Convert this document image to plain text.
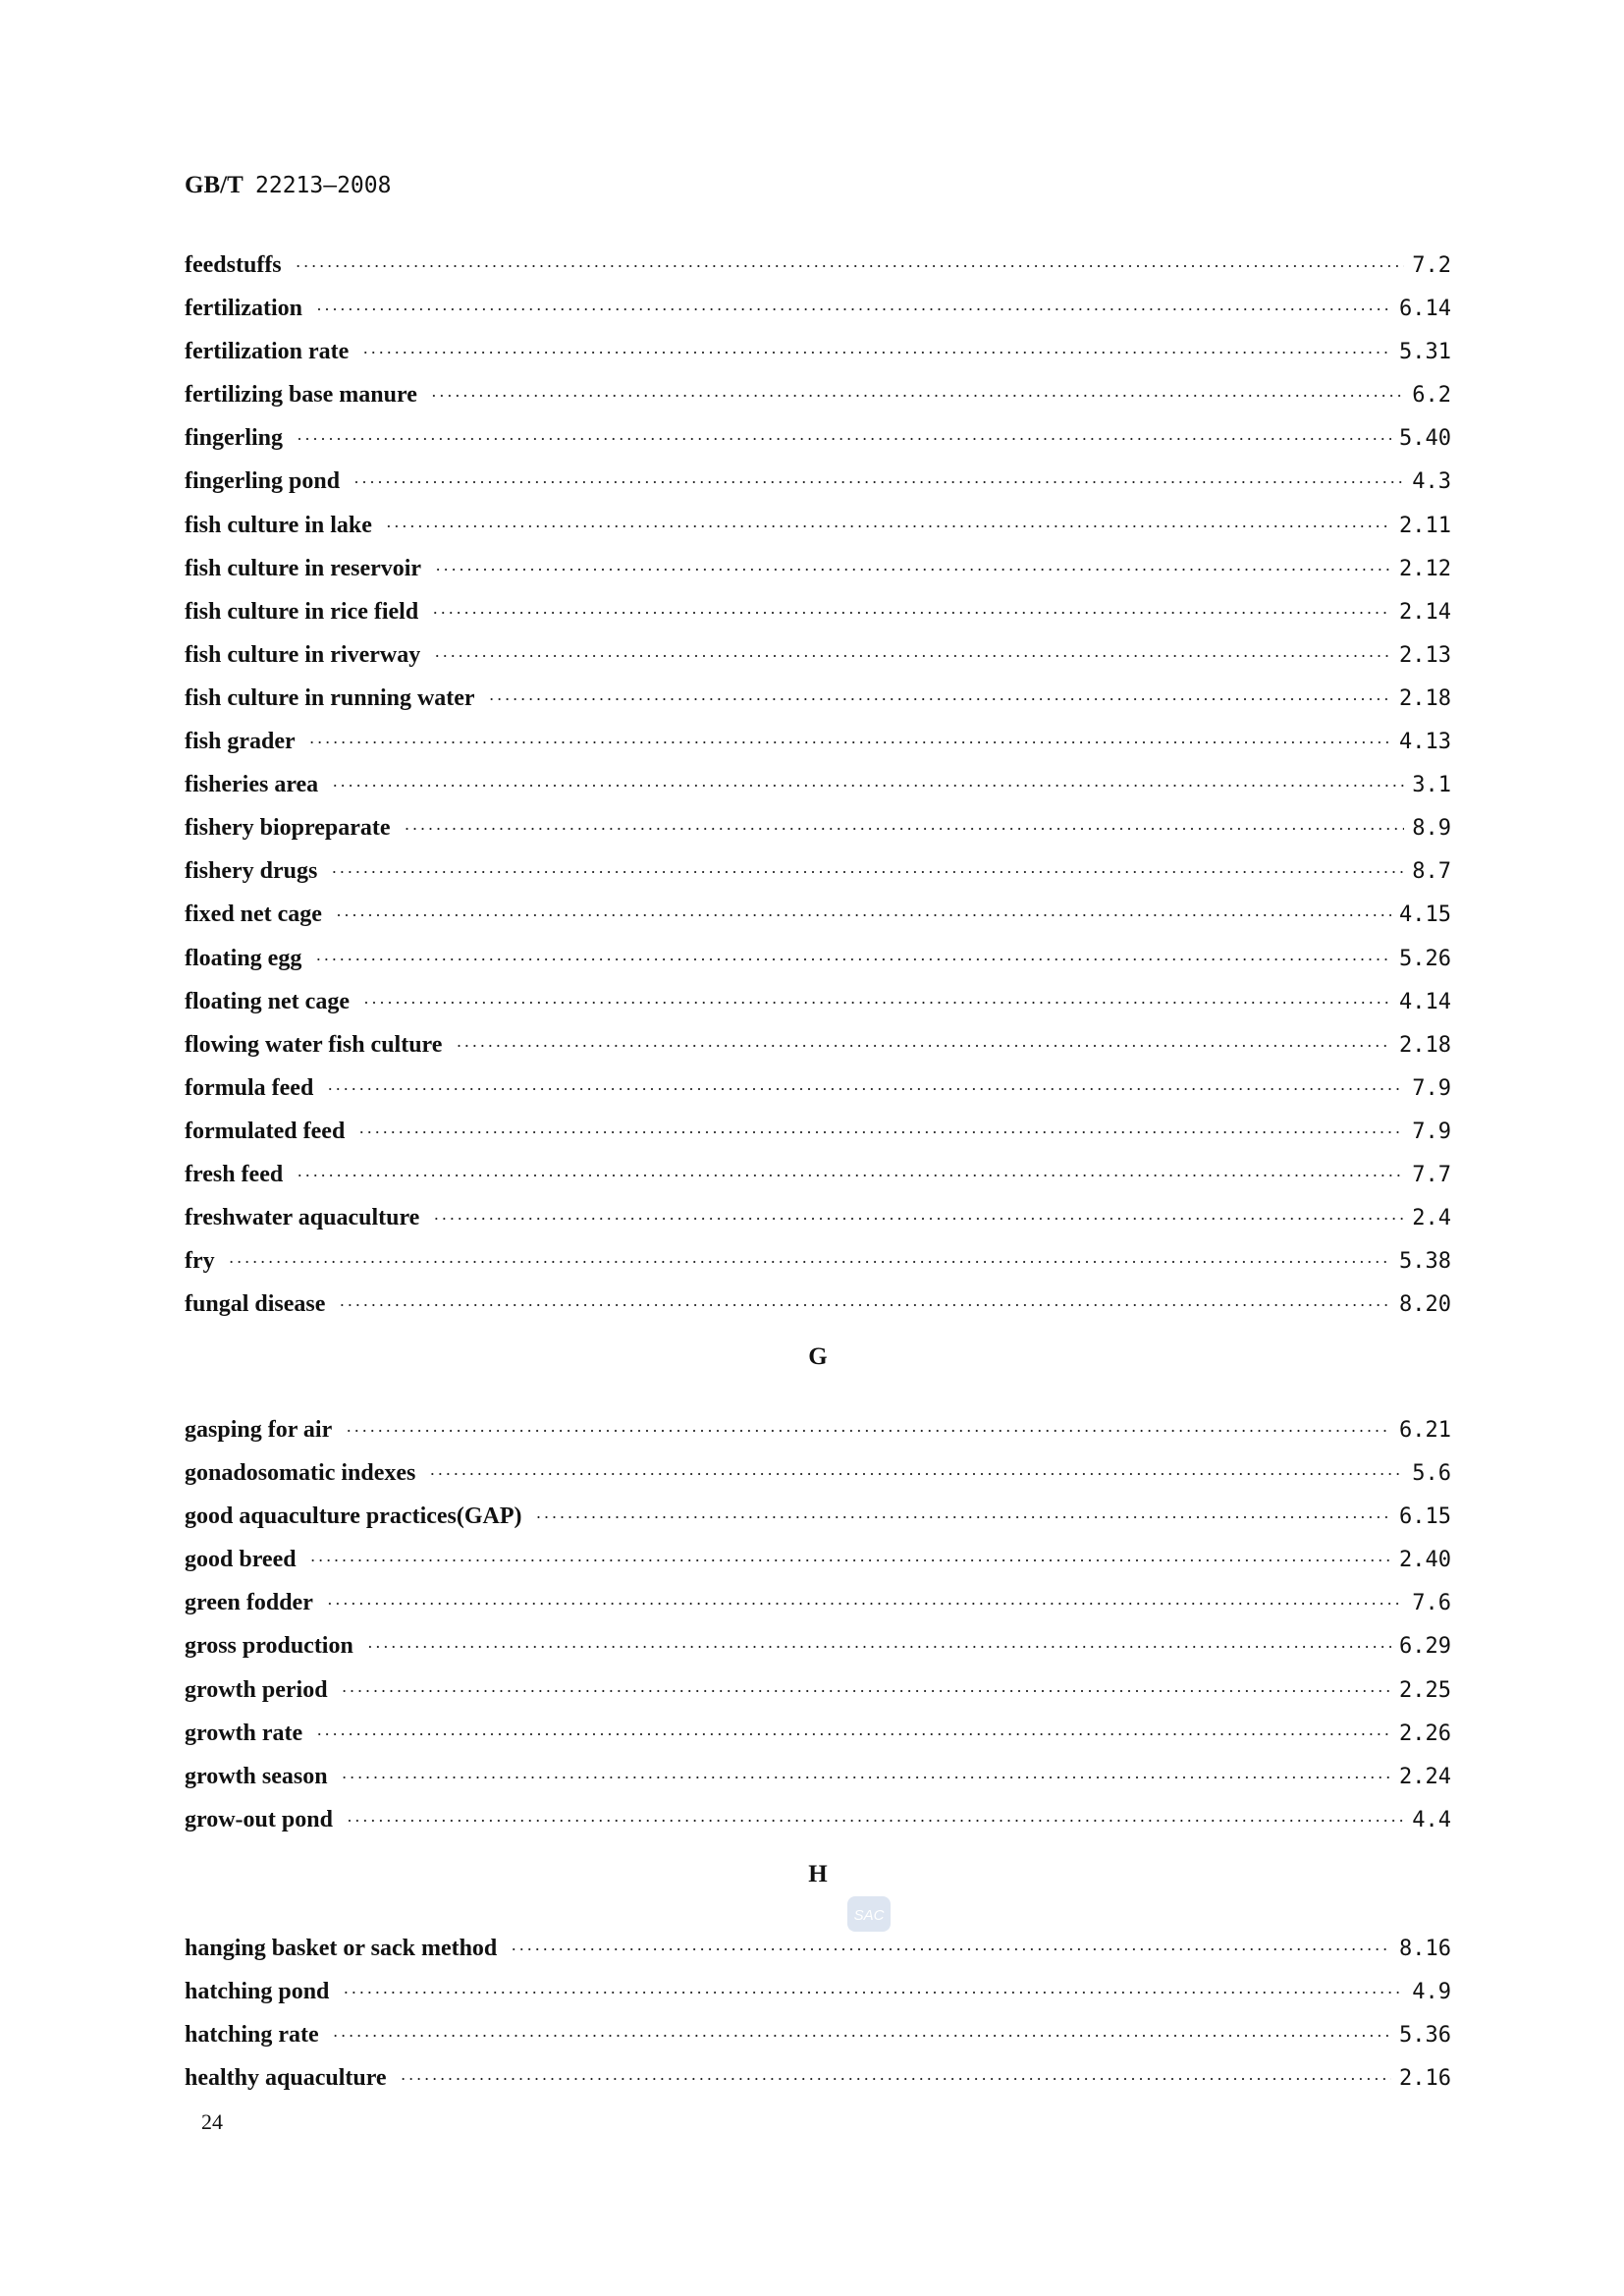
GB/T 22213—2008
feedstuffs ·····	7.2
fertilization ·····	6.14
fertilization rate ·····	5.31
fertilizing base manure ·····	6.2
fingerling ·····	5.40
fingerling pond ·····	4.3
fish culture in lake ·····	2.11
fish culture in reservoir ·····	2.12
fish culture in rice field ·····	2.14
fish culture in riverway ·····	2.13
fish culture in running water ·····	2.18
fish grader ·····	4.13
fisheries area ·····	3.1
fishery biopreparate ·····	8.9
fishery drugs ·····	8.7
fixed net cage ·····	4.15
floating egg ·····	5.26
floating net cage ·····	4.14
flowing water fish culture ·····	2.18
formula feed ·····	7.9
formulated feed ·····	7.9
fresh feed ·····	7.7
freshwater aquaculture ·····	2.4
fry ·····	5.38
fungal disease ·····	8.20
G
gasping for air ·····	6.21
gonadosomatic indexes ·····	5.6
good aquaculture practices(GAP) ·····	6.15
good breed ·····	2.40
green fodder ·····	7.6
gross production ·····	6.29
growth period ·····	2.25
growth rate ·····	2.26
growth season ·····	2.24
grow-out pond ·····	4.4
H
hanging basket or sack method ·····	8.16
hatching pond ·····	4.9
hatching rate ·····	5.36
healthy aquaculture ·····	2.16
SAC
24
